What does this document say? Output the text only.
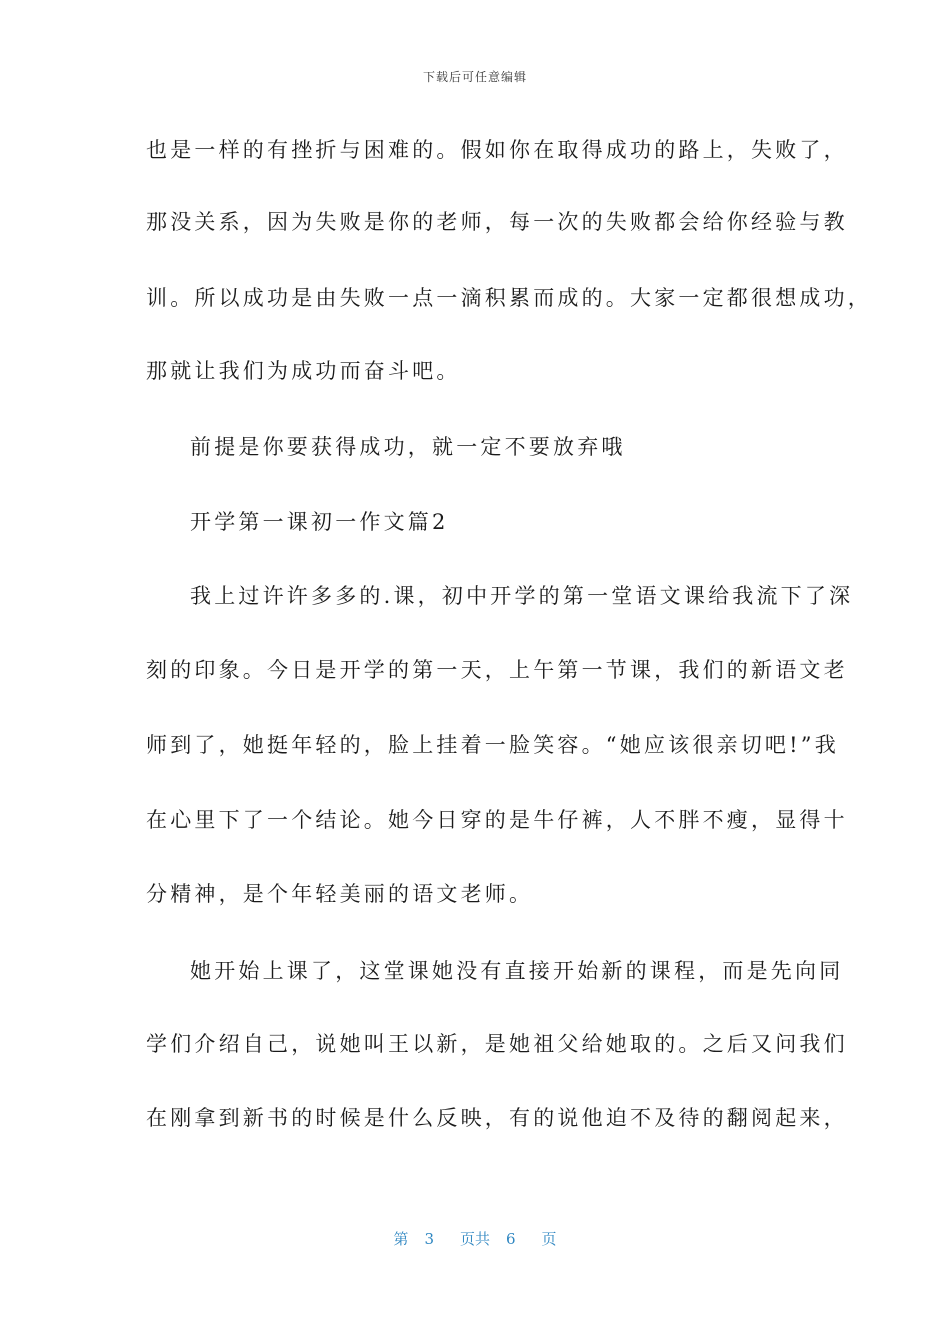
下载后可任意编辑
也是一样的有挫折与困难的。假如你在取得成功的路上，失败了，
那没关系，因为失败是你的老师，每一次的失败都会给你经验与教
训。所以成功是由失败一点一滴积累而成的。大家一定都很想成功，
那就让我们为成功而奋斗吧。
前提是你要获得成功，就一定不要放弃哦
开学第一课初一作文篇2
我上过许许多多的.课，初中开学的第一堂语文课给我流下了深
刻的印象。今日是开学的第一天，上午第一节课，我们的新语文老
师到了，她挺年轻的，脸上挂着一脸笑容。“她应该很亲切吧!”我
在心里下了一个结论。她今日穿的是牛仔裤，人不胖不瘦，显得十
分精神，是个年轻美丽的语文老师。
她开始上课了，这堂课她没有直接开始新的课程，而是先向同
学们介绍自己，说她叫王以新，是她祖父给她取的。之后又问我们
在刚拿到新书的时候是什么反映，有的说他迫不及待的翻阅起来，
第 3 页共 6 页
